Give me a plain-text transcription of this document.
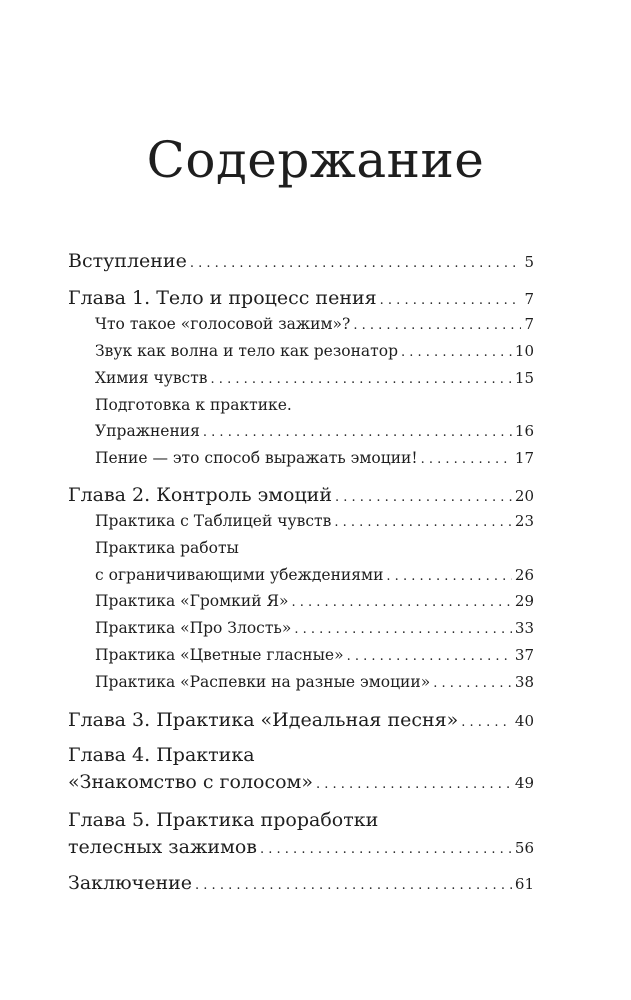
Содержание
Вступление . . .	5
Глава 1. Тело и процесс пения . . .	7
Что такое «голосовой зажим»? . . .	7
Звук как волна и тело как резонатор . . .	10
Химия чувств . . .	15
Подготовка к практике.
Упражнения . . .	16
Пение — это способ выражать эмоции! . . .	17
Глава 2. Контроль эмоций . . .	20
Практика с Таблицей чувств . . .	23
Практика работы
с ограничивающими убеждениями . . .	26
Практика «Громкий Я» . . .	29
Практика «Про Злость» . . .	33
Практика «Цветные гласные» . . .	37
Практика «Распевки на разные эмоции» . . .	38
Глава 3. Практика «Идеальная песня» . . .	40
Глава 4. Практика
«Знакомство с голосом» . . .	49
Глава 5. Практика проработки
телесных зажимов . . .	56
Заключение . . .	61
